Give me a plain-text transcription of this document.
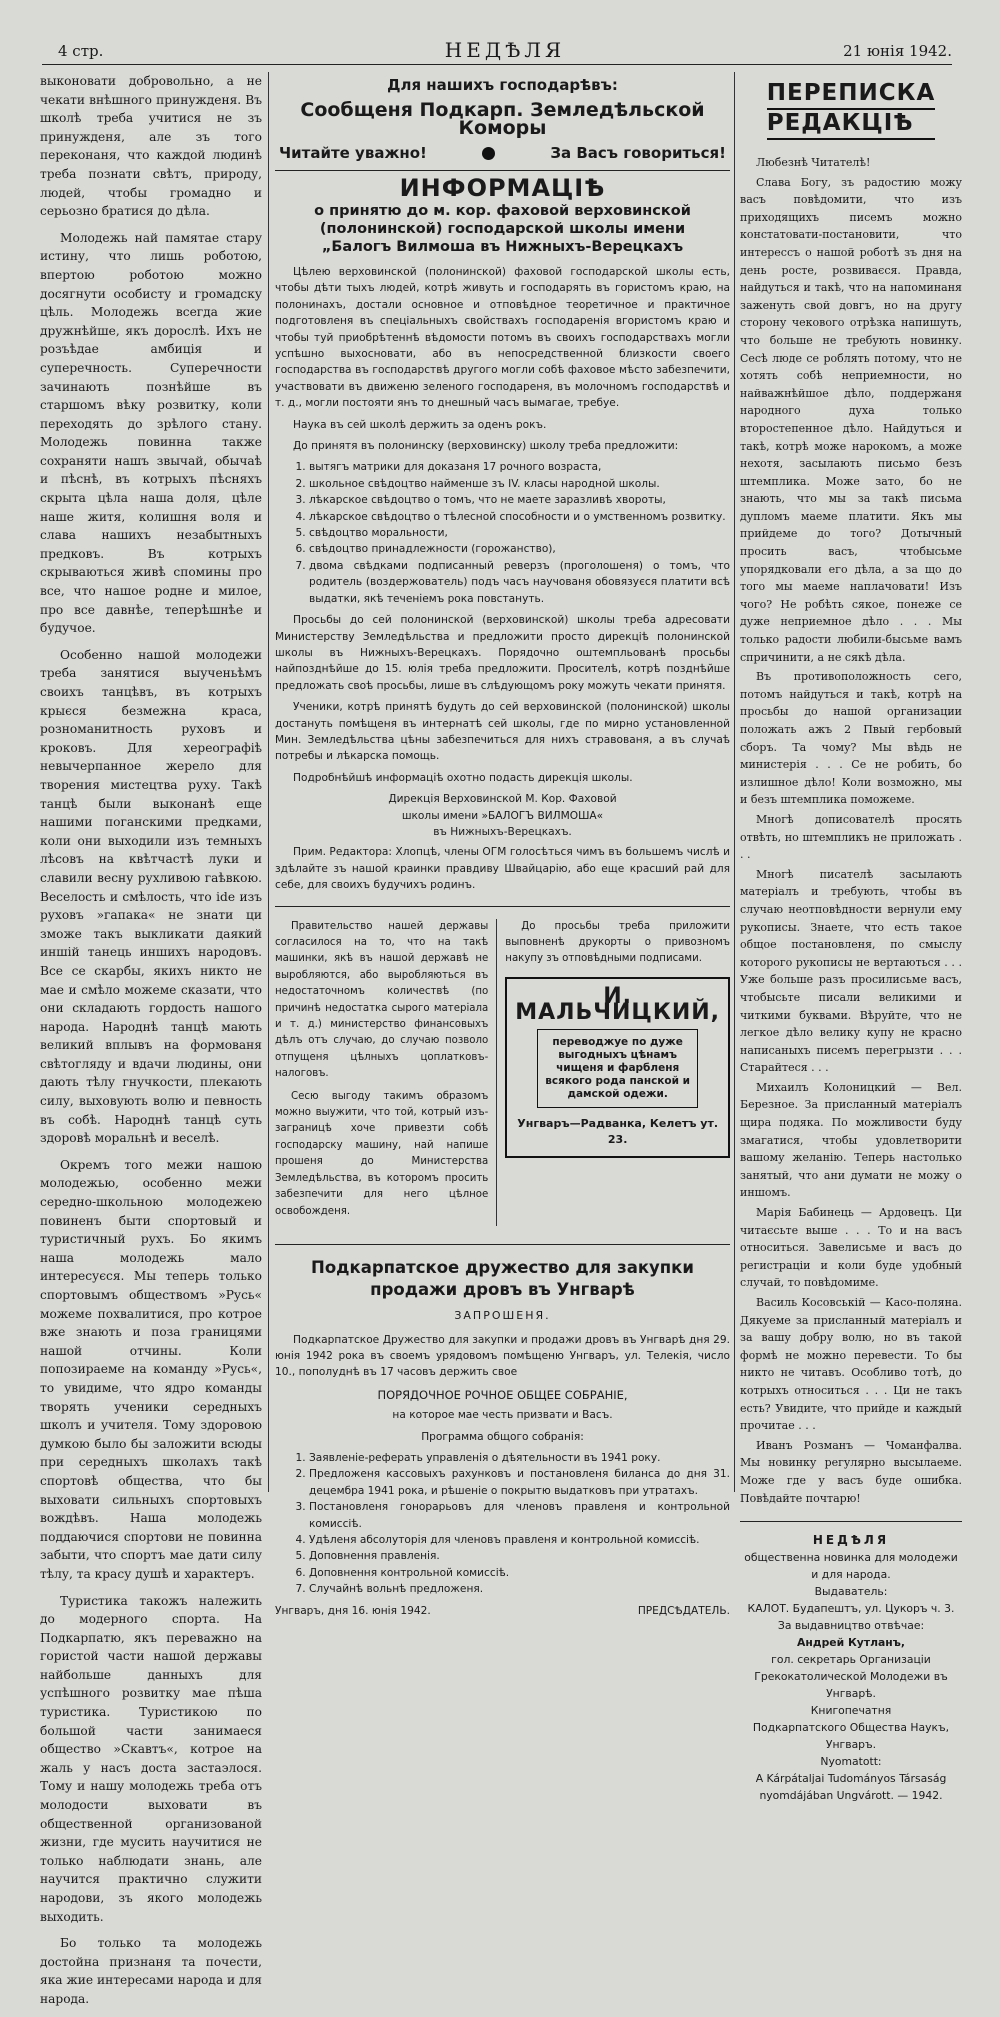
4 стр.	НЕДѢЛЯ	21 юнія 1942.

выконовати добровольно, а не чекати внѣшного принужденя. Въ школѣ треба учитися не зъ принужденя, але зъ того переконаня, что каждой людинѣ треба познати свѣтъ, природу, людей, чтобы громадно и серьозно братися до дѣла.

Молодежь най памятае стару истину, что лишь роботою, впертою роботою можно досягнути особисту и громадску цѣль. Молодежь всегда жие дружнѣйше, якъ дорослѣ. Ихъ не розъѣдае амбиція и суперечность. Суперечности зачинають познѣйше въ старшомъ вѣку розвитку, коли переходять до зрѣлого стану. Молодежь повинна также сохраняти нашъ звычай, обычаѣ и пѣснѣ, въ котрыхъ пѣсняхъ скрыта цѣла наша доля, цѣле наше житя, колишня воля и слава нашихъ незабытныхъ предковъ. Въ котрыхъ скрываються живѣ спомины про все, что нашое родне и милое, про все давнѣе, теперѣшнѣе и будучое.

Особенно нашой молодежи треба занятися выученьѣмъ своихъ танцѣвъ, въ котрыхъ крыєся безмежна краса, розноманитность руховъ и кроковъ. Для хереографіѣ невычерпанное жерело для творения мистецтва руху. Такѣ танцѣ были выконанѣ еще нашими поганскими предками, коли они выходили изъ темныхъ лѣсовъ на квѣтчастѣ луки и славили весну рухливою гаѣвкою. Веселость и смѣлость, что ide изъ руховъ »гапака« не знати ци зможе такъ выкликати даякий иншiй танець иншихъ народовъ. Все се скарбы, якихъ никто не мае и смѣло можеме сказати, что они складають гордость нашого народа. Народнѣ танцѣ мають великий вплывъ на формованя свѣтогляду и вдачи людины, они дають тѣлу гнучкости, плекають силу, выховують волю и певность въ собѣ. Народнѣ танцѣ суть здоровѣ моральнѣ и веселѣ.

Окремъ того межи нашою молодежью, особенно межи середно-школьною молодежею повиненъ быти спортовый и туристичный рухъ. Бо якимъ наша молодежь мало интересуєся. Мы теперь только спортовымъ обществомъ »Русь« можеме похвалитися, про котрое вже знають и поза границями нашой отчины. Коли попозираеме на команду »Русь«, то увидиме, что ядро команды творять ученики середныхъ школъ и учителя. Тому здоровою думкою было бы заложити всюды при середныхъ школахъ такѣ спортовѣ общества, что бы выховати сильныхъ спортовыхъ вождѣвъ. Наша молодежь поддаючися спортови не повинна забыти, что спортъ мае дати силу тѣлу, та красу душѣ и характеръ.

Туристика такожъ належить до модерного спорта. На Подкарпатю, якъ переважно на гористой части нашой державы найбольше данныхъ для успѣшного розвитку мае пѣша туристика. Туристикою по большой части занимаеся общество »Скавтъ«, котрое на жаль у насъ доста застаэлося. Тому и нашу молодежь треба отъ молодости выховати въ общественной организованой жизни, где мусить научитися не только наблюдати знань, але научится практично служити народови, зъ якого молодежь выходить.

Бо только та молодежь достойна признаня та почести, яка жие интересами народа и для народа.

Для нашихъ господарѣвъ:
Сообщеня Подкарп. Земледѣльской Коморы
Читайте уважно!	За Васъ говориться!
ИНФОРМАЦІѢ
о принятю до м. кор. фаховой верховинской
(полонинской) господарской школы имени
„Балогъ Вилмоша въ Нижныхъ-Верецкахъ

Цѣлею верховинской (полонинской) фаховой господарской школы есть, чтобы дѣти тыхъ людей, котрѣ живуть и господарять въ гористомъ краю, на полонинахъ, достали основное и отповѣдное теоретичное и практичное подготовленя въ спецiальныхъ свойствахъ господаренія вгористомъ краю и чтобы туй приобрѣтеннѣ вѣдомости потомъ въ своихъ господарствахъ могли успѣшно выхосновати, або въ непосредственной близкости своего господарства въ господарствѣ другого могли собѣ фаховое мѣсто забезпечити, участвовати въ движеню зеленого господареня, въ молочномъ господарствѣ и т. д., могли постояти янъ то днешный часъ вымагае, требуе.

Наука въ сей школѣ держить за оденъ рокъ.

До принятя въ полонинску (верховинску) школу треба предложити:

1. вытягъ матрики для доказаня 17 рочного возраста,
2. школьное свѣдоцтво найменше зъ IV. класы народной школы.
3. лѣкарское свѣдоцтво о томъ, что не маете заразливѣ хвороты,
4. лѣкарское свѣдоцтво о тѣлесной способности и о умственномъ розвитку.
5. свѣдоцтво моральности,
6. свѣдоцтво принадлежности (горожанство),
7. двома свѣдками подписанный реверзъ (проголошеня) о томъ, что родитель (воздержователь) подъ часъ научованя обовязуєся платити всѣ выдатки, якѣ теченіемъ рока повстануть.

Просьбы до сей полонинской (верховинской) школы треба адресовати Министерству Земледѣльства и предложити просто дирекцiѣ полонинской школы въ Нижныхъ-Верецкахъ. Порядочно оштемпльованѣ просьбы найпозднѣйше до 15. юлія треба предложити. Просителѣ, котрѣ позднѣйше предложать своѣ просьбы, лише въ слѣдующомъ року можуть чекати принятя.

Ученики, котрѣ принятѣ будуть до сей верховинской (полонинской) школы достануть помѣщеня въ интернатѣ сей школы, где по мирно установленной Мин. Земледѣльства цѣны забезпечиться для нихъ стравованя, а въ случаѣ потребы и лѣкарска помощь.

Подробнѣйшѣ информаціѣ охотно подасть дирекція школы.

Дирекція Верховинской М. Кор. Фаховой
школы имени »БАЛОГЪ ВИЛМОША«
въ Нижныхъ-Верецкахъ.

Прим. Редактора: Хлопцѣ, члены ОГМ голосѣться чимъ въ большемъ числѣ и здѣлайте зъ нашой краинки правдиву Швайцарію, або еще красший рай для себе, для своихъ будучихъ родинъ.

Правительство нашей державы согласилося на то, что на такѣ машинки, якѣ въ нашой державѣ не выробляются, або выробляються въ недостаточномъ количествѣ (по причинѣ недостатка сырого матеріала и т. д.) министерство финансовыхъ дѣлъ отъ случаю, до случаю позволо отпущеня цѣлныхъ цоплатковъ-налоговъ.

Сесю выгоду такимъ образомъ можно выужити, что той, котрый изъ-заграницѣ хоче привезти собѣ господарску машину, най напише прошеня до Министерства Земледѣльства, въ которомъ просить забезпечити для него цѣлное освобожденя.

До просьбы треба приложити выповненѣ друкорты о привозномъ накупу зъ отповѣдными подписами.

И. МАЛЬЧИЦКИЙ,
переводжуе по дуже выгодныхъ цѣнамъ чищеня и фарбленя всякого рода панской и дамской одежи.
Унгваръ—Радванка, Келетъ ут. 23.
Подкарпатское дружество для закупки
продажи дровъ въ Унгварѣ
ЗАПРОШЕНЯ.

Подкарпатское Дружество для закупки и продажи дровъ въ Унгварѣ дня 29. юнія 1942 рока въ своемъ урядовомъ помѣщеню Унгваръ, ул. Телекія, число 10., пополуднѣ въ 17 часовъ держить свое

ПОРЯДОЧНОЕ РОЧНОЕ ОБЩЕЕ СОБРАНІЕ,
на которое мае честь призвати и Васъ.
Программа общого собранія:
1. Заявленіе-реферать управленія о дѣятельности въ 1941 року.
2. Предложеня кассовыхъ рахунковъ и постановленя биланса до дня 31. децембра 1941 рока, и рѣшеніе о покрытю выдатковъ при утратахъ.
3. Постановленя гонорарьовъ для членовъ правленя и контрольной комиссiѣ.
4. Удѣленя абсолуторія для членовъ правленя и контрольной комиссiѣ.
5. Доповнення правленія.
6. Доповнення контрольной комиссiѣ.
7. Случайнѣ вольнѣ предложеня.
Унгваръ, дня 16. юнія 1942.	ПРЕДСѢДАТЕЛЬ.
ПЕРЕПИСКА
РЕДАКЦІѢ

Любезнѣ Читателѣ!

Слава Богу, зъ радостию можу васъ повѣдомити, что изъ приходящихъ писемъ можно констатовати-постановити, что интерессъ о нашой роботѣ зъ дня на день росте, розвиваєся. Правда, найдуться и такѣ, что на напоминаня заженуть свой довгъ, но на другу сторону чекового отрѣзка напишуть, что больше не требують новинку. Сесѣ люде се роблять потому, что не хотять собѣ неприемности, но найважнѣйшое дѣло, поддержаня народного духа только второстепенное дѣло. Найдуться и такѣ, котрѣ може нарокомъ, а може нехотя, засылають письмо безъ штемплика. Може зато, бо не знають, что мы за такѣ письма дупломъ маеме платити. Якъ мы прийдеме до того? Дотычный просить васъ, чтобысьме упорядковали его дѣла, а за що до того мы маеме наплачовати! Изъ чого? Не робѣть сякое, понеже се дуже неприемное дѣло . . . Мы только радости любили-бысьме вамъ спричинити, а не сякѣ дѣла.

Въ противоположность сего, потомъ найдуться и такѣ, котрѣ на просьбы до нашой организации положать ажъ 2 Пвый гербовый сборъ. Та чому? Мы вѣдь не министерія . . . Се не робить, бо излишное дѣло! Коли возможно, мы и безъ штемплика поможеме.

Многѣ дописователѣ просять отвѣть, но штемпликъ не приложать . . .

Многѣ писателѣ засылають матеріалъ и требують, чтобы въ случаю неотповѣдности вернули ему рукописы. Знаете, что есть такое общое постановленя, по смыслу которого рукописы не вертаються . . . Уже больше разъ просилисьме васъ, чтобысьте писали великими и читкими буквами. Вѣруйте, что не легкое дѣло велику купу не красно написаныхъ писемъ перегрызти . . . Старайтеся . . .

Михаилъ Колоницкий — Вел. Березное. За присланный матеріалъ щира подяка. По можливости буду змагатися, чтобы удовлетворити вашому желанію. Теперь настолько занятый, что ани думати не можу о иншомъ.

Марія Бабинець — Ардовецъ. Ци читаєсьте выше . . . То и на васъ относиться. Завелисьме и васъ до регистраціи и коли буде удобный случай, то повѣдомиме.

Василь Косовській — Касо-поляна. Дякуеме за присланный матеріалъ и за вашу добру волю, но въ такой формѣ не можно перевести. То бы никто не читавъ. Особливо тотѣ, до котрыхъ относиться . . . Ци не такъ есть? Увидите, что прийде и каждый прочитае . . .

Иванъ Розманъ — Чоманфалва. Мы новинку регулярно высылаеме. Може где у васъ буде ошибка. Повѣдайте почтарю!

НЕДѢЛЯ
общественна новинка для молодежи
и для народа.
Выдаватель:
КАЛОТ. Будапештъ, ул. Цукоръ ч. 3.
За выдавництво отвѣчае:
Андрей Кутланъ,
гол. секретарь Организаціи Грекокатолической Молодежи въ Унгварѣ.
Книгопечатня
Подкарпатского Общества Наукъ,
Унгваръ.
Nyomatott:
A Kárpátaljai Tudományos Társaság
nyomdájában Ungvárott. — 1942.
